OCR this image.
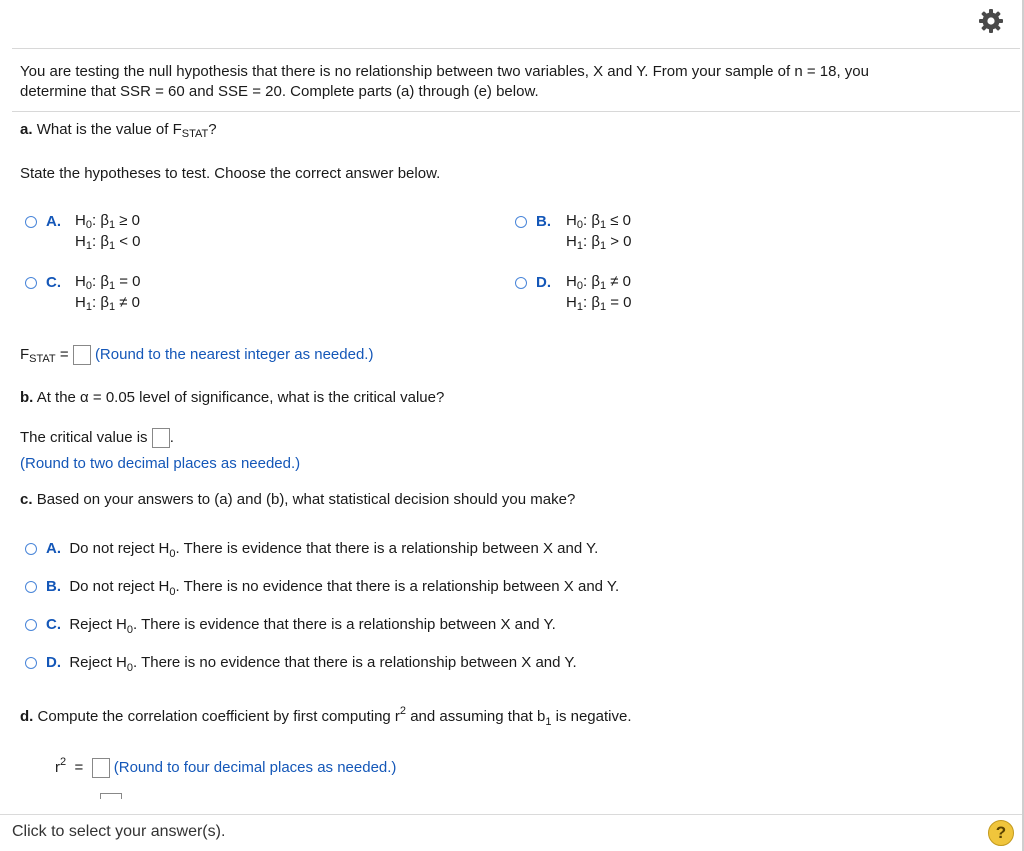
You are testing the null hypothesis that there is no relationship between two variables, X and Y. From your sample of n = 18, you
determine that SSR = 60 and SSE = 20. Complete parts (a) through (e) below.
a. What is the value of $F_{STAT}$?
State the hypotheses to test. Choose the correct answer below.
A. $H_0$: $\beta_1 \ge 0$
$H_1$: $\beta_1 < 0$
B. $H_0$: $\beta_1 \le 0$
$H_1$: $\beta_1 > 0$
C. $H_0$: $\beta_1 = 0$
$H_1$: $\beta_1 \ne 0$
D. $H_0$: $\beta_1 \ne 0$
$H_1$: $\beta_1 = 0$
$F_{STAT}$ = (Round to the nearest integer as needed.)
b. At the α = 0.05 level of significance, what is the critical value?
The critical value is .
(Round to two decimal places as needed.)
c. Based on your answers to (a) and (b), what statistical decision should you make?
A. Do not reject $H_0$. There is evidence that there is a relationship between X and Y.
B. Do not reject $H_0$. There is no evidence that there is a relationship between X and Y.
C. Reject $H_0$. There is evidence that there is a relationship between X and Y.
D. Reject $H_0$. There is no evidence that there is a relationship between X and Y.
d. Compute the correlation coefficient by first computing $r^2$ and assuming that $b_1$ is negative.
$r^2$ = (Round to four decimal places as needed.)
Click to select your answer(s).	?
